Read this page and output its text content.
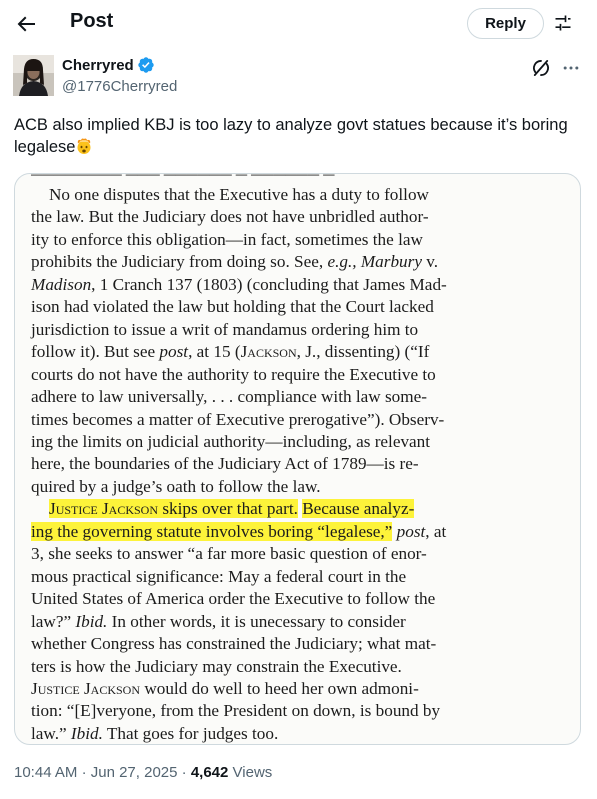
Post	Reply
Cherryred
@1776Cherryred
ACB also implied KBJ is too lazy to analyze govt statues because it’s boring legalese
──────── ─── ────── ─ ────── ─

No one disputes that the Executive has a duty to follow

the law. But the Judiciary does not have unbridled author-

ity to enforce this obligation—in fact, sometimes the law

prohibits the Judiciary from doing so. See, e.g., Marbury v.

Madison, 1 Cranch 137 (1803) (concluding that James Mad-

ison had violated the law but holding that the Court lacked

jurisdiction to issue a writ of mandamus ordering him to

follow it). But see post, at 15 (Jackson, J., dissenting) (“If

courts do not have the authority to require the Executive to

adhere to law universally, . . . compliance with law some-

times becomes a matter of Executive prerogative”). Observ-

ing the limits on judicial authority—including, as relevant

here, the boundaries of the Judiciary Act of 1789—is re-

quired by a judge’s oath to follow the law.

Justice Jackson skips over that part. Because analyz-

ing the governing statute involves boring “legalese,” post, at

3, she seeks to answer “a far more basic question of enor-

mous practical significance: May a federal court in the

United States of America order the Executive to follow the

law?” Ibid. In other words, it is unecessary to consider

whether Congress has constrained the Judiciary; what mat-

ters is how the Judiciary may constrain the Executive.

Justice Jackson would do well to heed her own admoni-

tion: “[E]veryone, from the President on down, is bound by

law.” Ibid. That goes for judges too.

10:44 AM · Jun 27, 2025 · 4,642 Views
